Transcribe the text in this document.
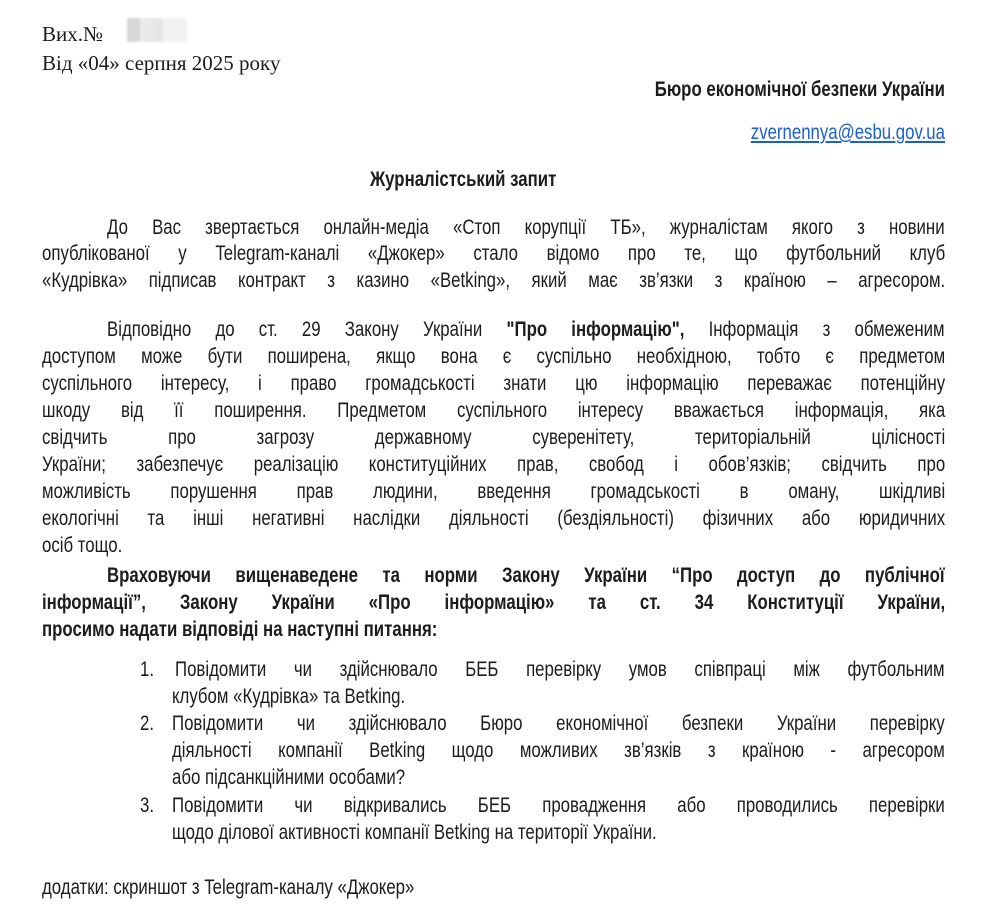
Вих.№
Від «04» серпня 2025 року
Бюро економічної безпеки України
zvernennya@esbu.gov.ua
Журналістський запит
До Вас звертається онлайн-медіа «Стоп корупції ТБ», журналістам якого з новини
опублікованої у Telegram-каналі «Джокер» стало відомо про те, що футбольний клуб
«Кудрівка» підписав контракт з казино «Betking», який має зв’язки з країною – агресором.
Відповідно до ст. 29 Закону України "Про інформацію", Інформація з обмеженим
доступом може бути поширена, якщо вона є суспільно необхідною, тобто є предметом
суспільного інтересу, і право громадськості знати цю інформацію переважає потенційну
шкоду від її поширення. Предметом суспільного інтересу вважається інформація, яка
свідчить про загрозу державному суверенітету, територіальній цілісності
України; забезпечує реалізацію конституційних прав, свобод і обов’язків; свідчить про
можливість порушення прав людини, введення громадськості в оману, шкідливі
екологічні та інші негативні наслідки діяльності (бездіяльності) фізичних або юридичних
осіб тощо.
Враховуючи вищенаведене та норми Закону України “Про доступ до публічної
інформації”, Закону України «Про інформацію» та ст. 34 Конституції України,
просимо надати відповіді на наступні питання:
1. Повідомити чи здійснювало БЕБ перевірку умов співпраці між футбольним
клубом «Кудрівка» та Betking.
2. Повідомити чи здійснювало Бюро економічної безпеки України перевірку
діяльності компанії Betking щодо можливих зв’язків з країною - агресором
або підсанкційними особами?
3. Повідомити чи відкривались БЕБ провадження або проводились перевірки
щодо ділової активності компанії Betking на території України.
додатки: скриншот з Telegram-каналу «Джокер»
